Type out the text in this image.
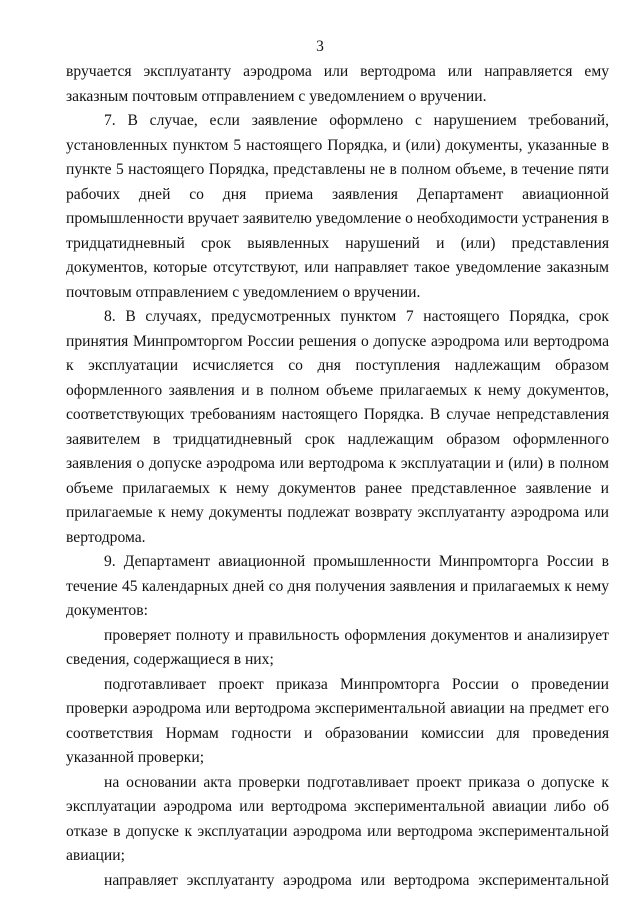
3

вручается эксплуатанту аэродрома или вертодрома или направляется ему заказным почтовым отправлением с уведомлением о вручении.

7. В случае, если заявление оформлено с нарушением требований, установленных пунктом 5 настоящего Порядка, и (или) документы, указанные в пункте 5 настоящего Порядка, представлены не в полном объеме, в течение пяти рабочих дней со дня приема заявления Департамент авиационной промышленности вручает заявителю уведомление о необходимости устранения в тридцатидневный срок выявленных нарушений и (или) представления документов, которые отсутствуют, или направляет такое уведомление заказным почтовым отправлением с уведомлением о вручении.

8. В случаях, предусмотренных пунктом 7 настоящего Порядка, срок принятия Минпромторгом России решения о допуске аэродрома или вертодрома к эксплуатации исчисляется со дня поступления надлежащим образом оформленного заявления и в полном объеме прилагаемых к нему документов, соответствующих требованиям настоящего Порядка. В случае непредставления заявителем в тридцатидневный срок надлежащим образом оформленного заявления о допуске аэродрома или вертодрома к эксплуатации и (или) в полном объеме прилагаемых к нему документов ранее представленное заявление и прилагаемые к нему документы подлежат возврату эксплуатанту аэродрома или вертодрома.

9. Департамент авиационной промышленности Минпромторга России в течение 45 календарных дней со дня получения заявления и прилагаемых к нему документов:

проверяет полноту и правильность оформления документов и анализирует сведения, содержащиеся в них;

подготавливает проект приказа Минпромторга России о проведении проверки аэродрома или вертодрома экспериментальной авиации на предмет его соответствия Нормам годности и образовании комиссии для проведения указанной проверки;

на основании акта проверки подготавливает проект приказа о допуске к эксплуатации аэродрома или вертодрома экспериментальной авиации либо об отказе в допуске к эксплуатации аэродрома или вертодрома экспериментальной авиации;

направляет эксплуатанту аэродрома или вертодрома экспериментальной
